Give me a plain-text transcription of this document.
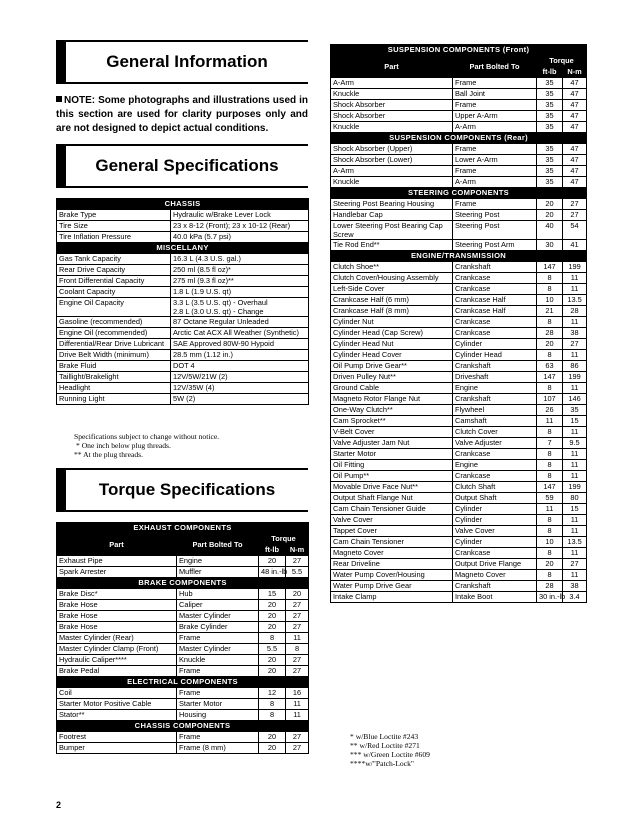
General Information
NOTE: Some photographs and illustrations used in this section are used for clarity purposes only and are not designed to depict actual conditions.
General Specifications
CHASSIS	
Brake Type	Hydraulic w/Brake Lever Lock
Tire Size	23 x 8-12 (Front); 23 x 10-12 (Rear)
Tire Inflation Pressure	40.0 kPa (5.7 psi)
MISCELLANY	
Gas Tank Capacity	16.3 L (4.3 U.S. gal.)
Rear Drive Capacity	250 ml (8.5 fl oz)*
Front Differential Capacity	275 ml (9.3 fl oz)**
Coolant Capacity	1.8 L (1.9 U.S. qt)
Engine Oil Capacity	3.3 L (3.5 U.S. qt) - Overhaul
2.8 L (3.0 U.S. qt) - Change
Gasoline (recommended)	87 Octane Regular Unleaded
Engine Oil (recommended)	Arctic Cat ACX All Weather (Synthetic)
Differential/Rear Drive Lubricant	SAE Approved 80W-90 Hypoid
Drive Belt Width (minimum)	28.5 mm (1.12 in.)
Brake Fluid	DOT 4
Taillight/Brakelight	12V/5W/21W (2)
Headlight	12V/35W (4)
Running Light	5W (2)
Specifications subject to change without notice.
* One inch below plug threads.
** At the plug threads.
Torque Specifications
EXHAUST COMPONENTS			
Part	Part Bolted To	Torque	
		ft-lb	N-m
Exhaust Pipe	Engine	20	27
Spark Arrester	Muffler	48 in.-lb	5.5
BRAKE COMPONENTS			
Brake Disc*	Hub	15	20
Brake Hose	Caliper	20	27
Brake Hose	Master Cylinder	20	27
Brake Hose	Brake Cylinder	20	27
Master Cylinder (Rear)	Frame	8	11
Master Cylinder Clamp (Front)	Master Cylinder	5.5	8
Hydraulic Caliper****	Knuckle	20	27
Brake Pedal	Frame	20	27
ELECTRICAL COMPONENTS			
Coil	Frame	12	16
Starter Motor Positive Cable	Starter Motor	8	11
Stator**	Housing	8	11
CHASSIS COMPONENTS			
Footrest	Frame	20	27
Bumper	Frame (8 mm)	20	27
SUSPENSION COMPONENTS (Front)			
Part	Part Bolted To	Torque	
		ft-lb	N-m
A-Arm	Frame	35	47
Knuckle	Ball Joint	35	47
Shock Absorber	Frame	35	47
Shock Absorber	Upper A-Arm	35	47
Knuckle	A-Arm	35	47
SUSPENSION COMPONENTS (Rear)			
Shock Absorber (Upper)	Frame	35	47
Shock Absorber (Lower)	Lower A-Arm	35	47
A-Arm	Frame	35	47
Knuckle	A-Arm	35	47
STEERING COMPONENTS			
Steering Post Bearing Housing	Frame	20	27
Handlebar Cap	Steering Post	20	27
Lower Steering Post Bearing Cap Screw	Steering Post	40	54
Tie Rod End**	Steering Post Arm	30	41
ENGINE/TRANSMISSION			
Clutch Shoe**	Crankshaft	147	199
Clutch Cover/Housing Assembly	Crankcase	8	11
Left-Side Cover	Crankcase	8	11
Crankcase Half (6 mm)	Crankcase Half	10	13.5
Crankcase Half (8 mm)	Crankcase Half	21	28
Cylinder Nut	Crankcase	8	11
Cylinder Head (Cap Screw)	Crankcase	28	38
Cylinder Head Nut	Cylinder	20	27
Cylinder Head Cover	Cylinder Head	8	11
Oil Pump Drive Gear**	Crankshaft	63	86
Driven Pulley Nut**	Driveshaft	147	199
Ground Cable	Engine	8	11
Magneto Rotor Flange Nut	Crankshaft	107	146
One-Way Clutch**	Flywheel	26	35
Cam Sprocket**	Camshaft	11	15
V-Belt Cover	Clutch Cover	8	11
Valve Adjuster Jam Nut	Valve Adjuster	7	9.5
Starter Motor	Crankcase	8	11
Oil Fitting	Engine	8	11
Oil Pump**	Crankcase	8	11
Movable Drive Face Nut**	Clutch Shaft	147	199
Output Shaft Flange Nut	Output Shaft	59	80
Cam Chain Tensioner Guide	Cylinder	11	15
Valve Cover	Cylinder	8	11
Tappet Cover	Valve Cover	8	11
Cam Chain Tensioner	Cylinder	10	13.5
Magneto Cover	Crankcase	8	11
Rear Driveline	Output Drive Flange	20	27
Water Pump Cover/Housing	Magneto Cover	8	11
Water Pump Drive Gear	Crankshaft	28	38
Intake Clamp	Intake Boot	30 in.-lb	3.4
* w/Blue Loctite #243
** w/Red Loctite #271
*** w/Green Loctite #609
****w/"Patch-Lock"
2
